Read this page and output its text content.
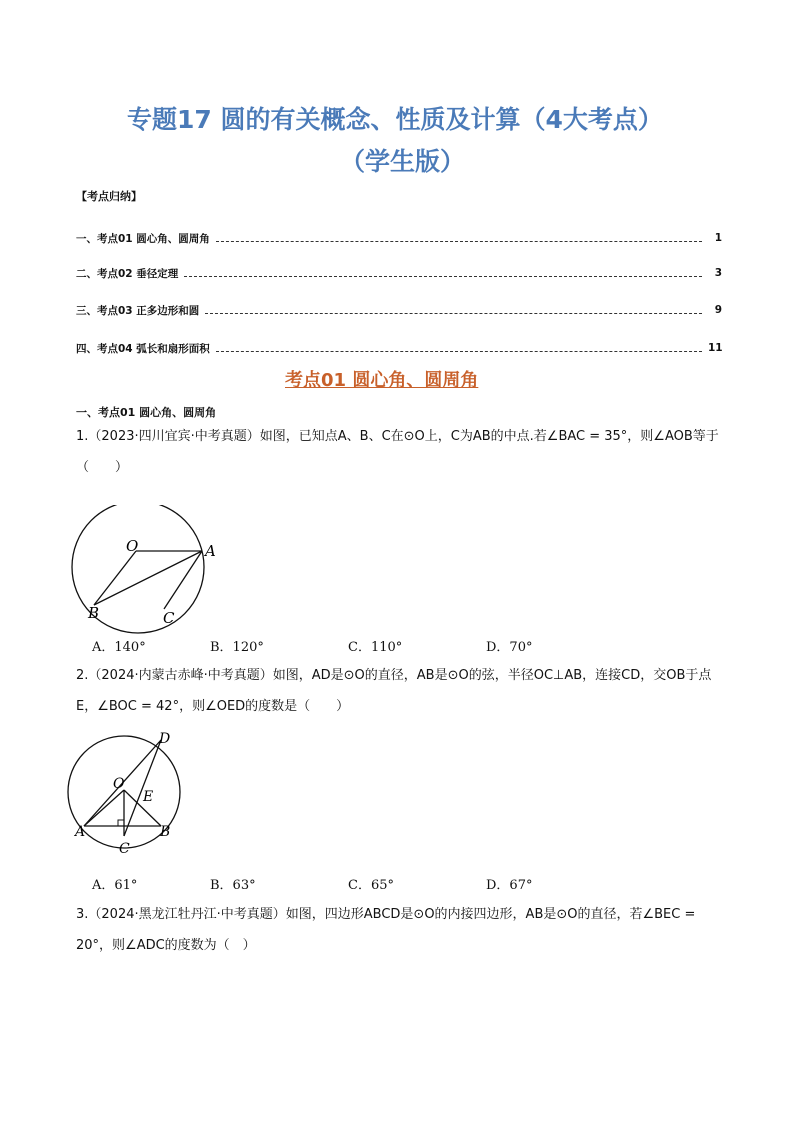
专题17 圆的有关概念、性质及计算（4大考点）
（学生版）
【考点归纳】
一、考点01 圆心角、圆周角	1
二、考点02 垂径定理	3
三、考点03 正多边形和圆	9
四、考点04 弧长和扇形面积	11
考点01 圆心角、圆周角
一、考点01 圆心角、圆周角
1.（2023·四川宜宾·中考真题）如图，已知点A、B、C在⊙O上，C为AB的中点.若∠BAC = 35°，则∠AOB等于（　　）
O	A
B	C
A．140°	B．120°	C．110°	D．70°
2.（2024·内蒙古赤峰·中考真题）如图，AD是⊙O的直径，AB是⊙O的弦，半径OC⊥AB，连接CD，交OB于点E，∠BOC = 42°，则∠OED的度数是（　　）
O
A	B
C
D
E
A．61°	B．63°	C．65°	D．67°
3.（2024·黑龙江牡丹江·中考真题）如图，四边形ABCD是⊙O的内接四边形，AB是⊙O的直径，若∠BEC = 20°，则∠ADC的度数为（　）
